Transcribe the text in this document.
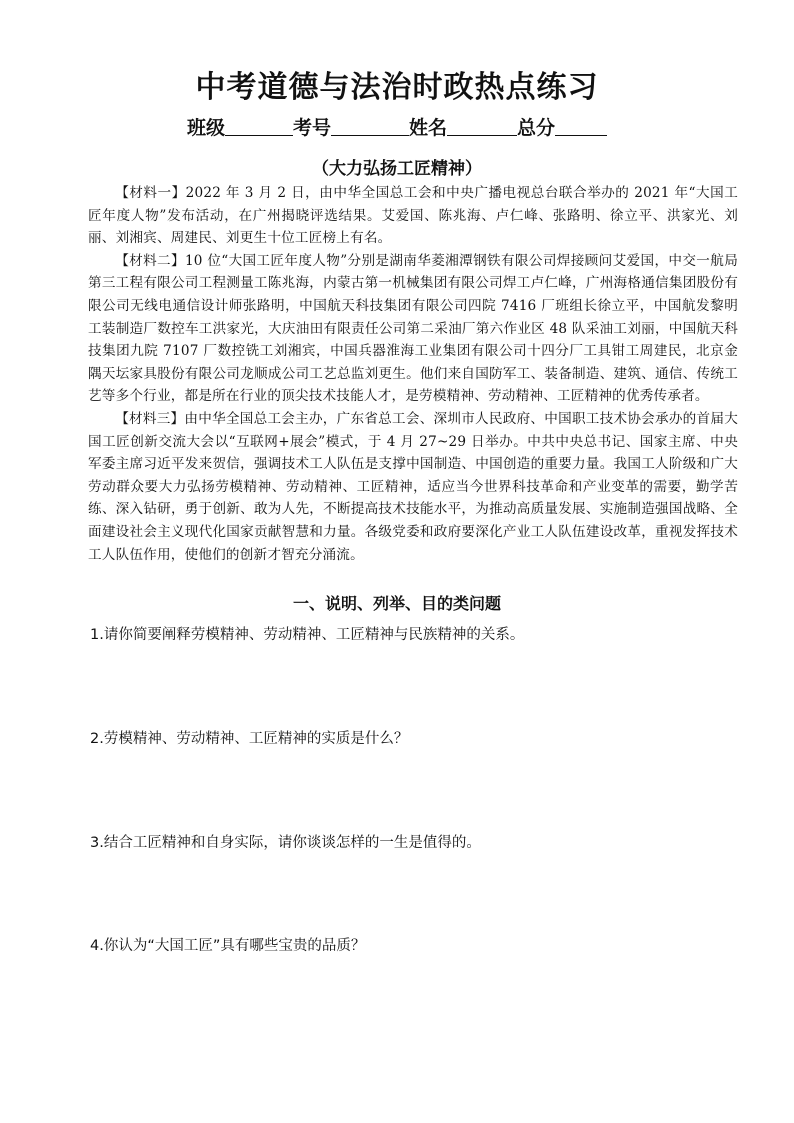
中考道德与法治时政热点练习
班级	考号	姓名	总分
（大力弘扬工匠精神）

【材料一】2022 年 3 月 2 日，由中华全国总工会和中央广播电视总台联合举办的 2021 年“大国工匠年度人物”发布活动，在广州揭晓评选结果。艾爱国、陈兆海、卢仁峰、张路明、徐立平、洪家光、刘丽、刘湘宾、周建民、刘更生十位工匠榜上有名。

【材料二】10 位“大国工匠年度人物”分别是湖南华菱湘潭钢铁有限公司焊接顾问艾爱国，中交一航局第三工程有限公司工程测量工陈兆海，内蒙古第一机械集团有限公司焊工卢仁峰，广州海格通信集团股份有限公司无线电通信设计师张路明，中国航天科技集团有限公司四院 7416 厂班组长徐立平，中国航发黎明工装制造厂数控车工洪家光，大庆油田有限责任公司第二采油厂第六作业区 48 队采油工刘丽，中国航天科技集团九院 7107 厂数控铣工刘湘宾，中国兵器淮海工业集团有限公司十四分厂工具钳工周建民，北京金隅天坛家具股份有限公司龙顺成公司工艺总监刘更生。他们来自国防军工、装备制造、建筑、通信、传统工艺等多个行业，都是所在行业的顶尖技术技能人才，是劳模精神、劳动精神、工匠精神的优秀传承者。

【材料三】由中华全国总工会主办，广东省总工会、深圳市人民政府、中国职工技术协会承办的首届大国工匠创新交流大会以“互联网+展会”模式，于 4 月 27~29 日举办。中共中央总书记、国家主席、中央军委主席习近平发来贺信，强调技术工人队伍是支撑中国制造、中国创造的重要力量。我国工人阶级和广大劳动群众要大力弘扬劳模精神、劳动精神、工匠精神，适应当今世界科技革命和产业变革的需要，勤学苦练、深入钻研，勇于创新、敢为人先，不断提高技术技能水平，为推动高质量发展、实施制造强国战略、全面建设社会主义现代化国家贡献智慧和力量。各级党委和政府要深化产业工人队伍建设改革，重视发挥技术工人队伍作用，使他们的创新才智充分涌流。

一、说明、列举、目的类问题
1.请你简要阐释劳模精神、劳动精神、工匠精神与民族精神的关系。
2.劳模精神、劳动精神、工匠精神的实质是什么？
3.结合工匠精神和自身实际，请你谈谈怎样的一生是值得的。
4.你认为“大国工匠”具有哪些宝贵的品质？
